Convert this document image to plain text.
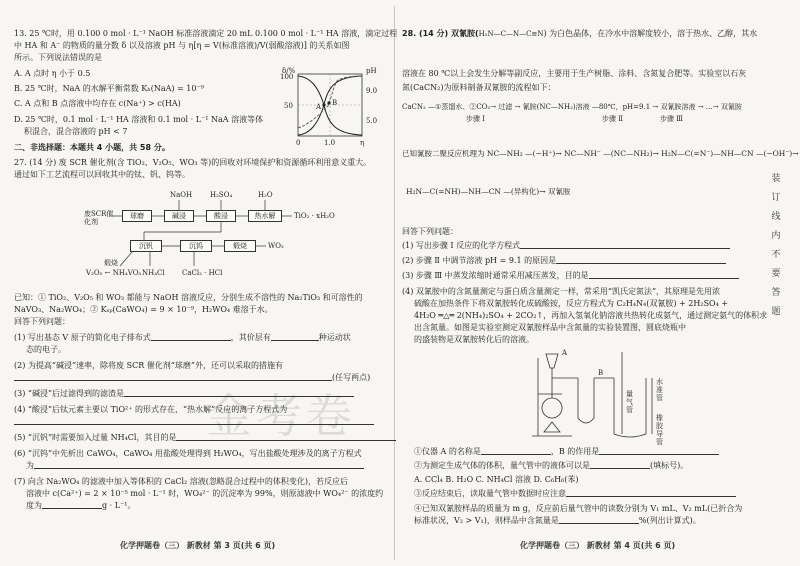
金考卷
13. 25 ℃时，用 0.100 0 mol · L⁻¹ NaOH 标准溶液滴定 20 mL 0.100 0 mol · L⁻¹ HA 溶液，滴定过程
中 HA 和 A⁻ 的物质的量分数 δ 以及溶液 pH 与 η[η = V(标准溶液)/V(弱酸溶液)] 的关系如图
所示。下列说法错误的是
A. A 点时 η 小于 0.5
B. 25 ℃时，NaA 的水解平衡常数 Kₕ(NaA) = 10⁻⁹
C. A 点和 B 点溶液中均存在 c(Na⁺) > c(HA)
D. 25 ℃时，0.1 mol · L⁻¹ HA 溶液和 0.1 mol · L⁻¹ NaA 溶液等体
积混合，混合溶液的 pH < 7
δ/%	pH
100
50
9.0
5.0
0	1.0	η
A B
二、非选择题：本题共 4 小题，共 58 分。
27. (14 分) 废 SCR 催化剂(含 TiO₂、V₂O₅、WO₃ 等)的回收对环境保护和资源循环利用意义重大。
通过如下工艺流程可以回收其中的钛、钒、钨等。
废SCR催化剂
球磨	碱浸	酸浸	热水解
NaOH	H₂SO₄	H₂O
TiO₂ · xH₂O
沉钒	沉钨	煅烧	WO₃
V₂O₅ ← NH₄VO₃ NH₄Cl CaCl₂ · HCl
煅烧
已知：① TiO₂、V₂O₅ 和 WO₃ 都能与 NaOH 溶液反应，分别生成不溶性的 Na₂TiO₃ 和可溶性的
NaVO₃、Na₂WO₄；② Kₛₚ(CaWO₄) = 9 × 10⁻⁹，H₂WO₄ 难溶于水。
回答下列问题：
(1) 写出基态 V 原子的简化电子排布式	，其价层有	种运动状
态的电子。
(2) 为提高“碱浸”速率，除将废 SCR 催化剂“球磨”外，还可以采取的措施有
(任写两点)
(3) “碱浸”后过滤得到的滤渣是
(4) “酸浸”后钛元素主要以 TiO²⁺ 的形式存在，“热水解”反应的离子方程式为
(5) “沉钒”时需要加入过量 NH₄Cl，其目的是
(6) “沉钨”中先析出 CaWO₄，CaWO₄ 用盐酸处理得到 H₂WO₄，写出盐酸处理涉及的离子方程式
为
(7) 向含 Na₂WO₄ 的滤液中加入等体积的 CaCl₂ 溶液(忽略混合过程中的体积变化)，若反应后
溶液中 c(Ca²⁺) = 2 × 10⁻⁵ mol · L⁻¹ 时，WO₄²⁻ 的沉淀率为 99%，则原滤液中 WO₄²⁻ 的浓度约
度为	g · L⁻¹。
化学押题卷（三） 新教材 第 3 页(共 6 页)
28. (14 分) 双氰胺(H₂N—C—N—C≡N) 为白色晶体，在冷水中溶解度较小，溶于热水、乙醇，其水
溶液在 80 ℃以上会发生分解等副反应，主要用于生产树脂、涂料、含氮复合肥等。实验室以石灰
氮(CaCN₂)为原料制备双氰胺的流程如下：
CaCN₂ —①蒸馏水、②CO₂→ 过滤 → 氰胺(NC—NH₂)溶液 —80℃，pH=9.1 → 双氰胺溶液 → …→ 双氰胺
步骤 Ⅰ	步骤 Ⅱ	步骤 Ⅲ
已知氰胺二聚反应机理为 NC—NH₂ —(−H⁺)→ NC—NH⁻ —(NC—NH₂)→ H₂N—C(=N⁻)—NH—CN —(−OH⁻)→
H₂N—C(=NH)—NH—CN —(异构化)→ 双氰胺
回答下列问题：
(1) 写出步骤 Ⅰ 反应的化学方程式
(2) 步骤 Ⅱ 中调节溶液 pH = 9.1 的原因是
(3) 步骤 Ⅲ 中蒸发浓缩时通常采用减压蒸发，目的是
(4) 双氰胺中的含氮量测定与蛋白质含量测定一样，常采用“凯氏定氮法”，其原理是先用浓
硫酸在加热条件下将双氰胺转化成硫酸铵，反应方程式为 C₂H₄N₄(双氰胺) + 2H₂SO₄ +
4H₂O ═△═ 2(NH₄)₂SO₄ + 2CO₂↑，再加入氢氧化钠溶液共热转化成氨气，通过测定氨气的体积求
出含氮量。如图是实验室测定双氰胺样品中含氮量的实验装置图，圆底烧瓶中
的盛装物是双氰胺转化后的溶液。
A
B
量气管
水准管
橡胶导管
①仪器 A 的名称是	，B 的作用是
②为测定生成气体的体积，量气管中的液体可以是	(填标号)。
A. CCl₄ B. H₂O C. NH₄Cl 溶液 D. C₆H₆(苯)
③反应结束后，读取量气管中数据时应注意
④已知双氰胺样品的质量为 m g，反应前后量气管中的读数分别为 V₁ mL、V₂ mL(已折合为
标准状况，V₂ > V₁)，则样品中含氮量是	%(列出计算式)。
化学押题卷（三） 新教材 第 4 页(共 6 页)
装
订
线
内
不
要
答
题
